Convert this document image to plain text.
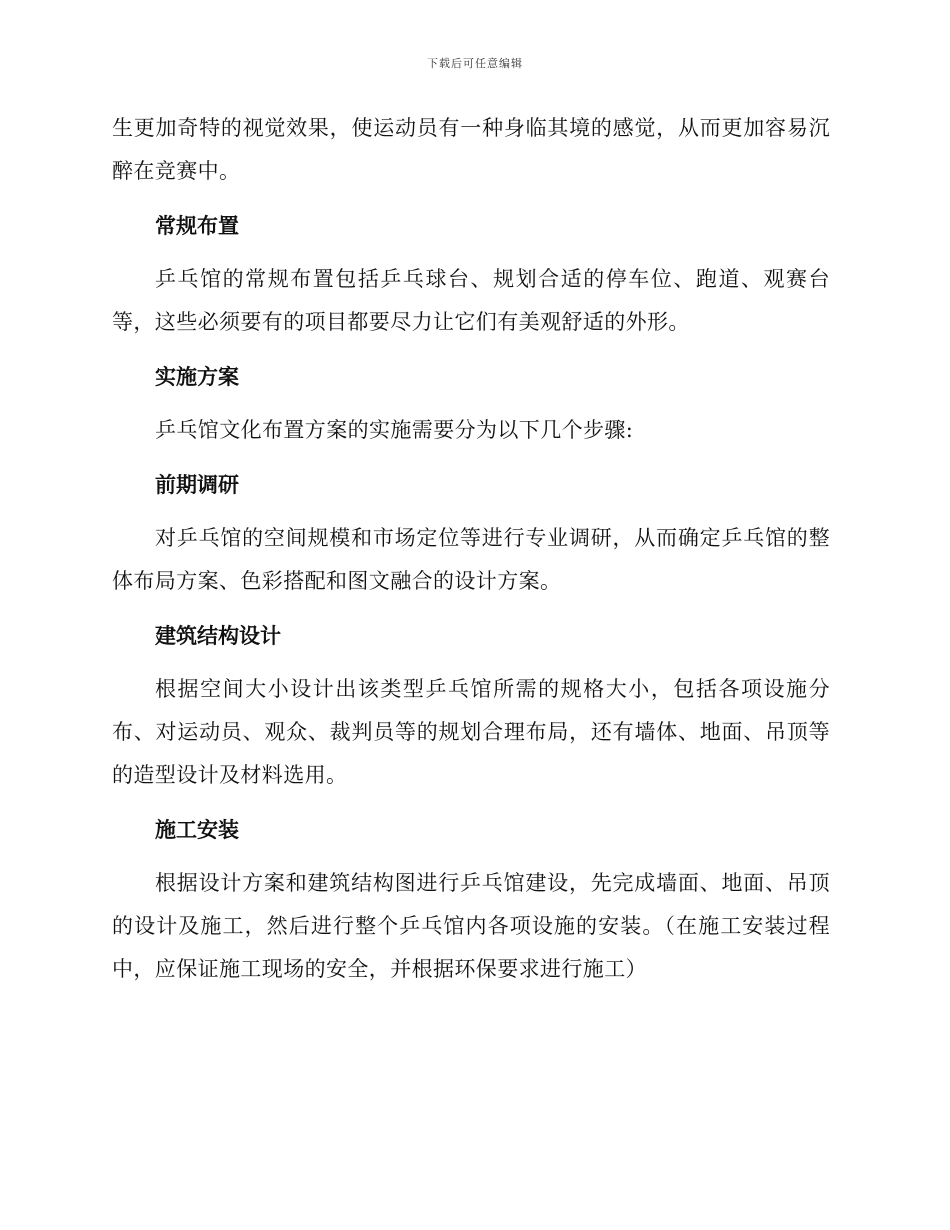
下载后可任意编辑

生更加奇特的视觉效果，使运动员有一种身临其境的感觉，从而更加容易沉醉在竞赛中。

常规布置

乒乓馆的常规布置包括乒乓球台、规划合适的停车位、跑道、观赛台等，这些必须要有的项目都要尽力让它们有美观舒适的外形。

实施方案

乒乓馆文化布置方案的实施需要分为以下几个步骤:

前期调研

对乒乓馆的空间规模和市场定位等进行专业调研，从而确定乒乓馆的整体布局方案、色彩搭配和图文融合的设计方案。

建筑结构设计

根据空间大小设计出该类型乒乓馆所需的规格大小，包括各项设施分布、对运动员、观众、裁判员等的规划合理布局，还有墙体、地面、吊顶等的造型设计及材料选用。

施工安装

根据设计方案和建筑结构图进行乒乓馆建设，先完成墙面、地面、吊顶的设计及施工，然后进行整个乒乓馆内各项设施的安装。（在施工安装过程中，应保证施工现场的安全，并根据环保要求进行施工）
